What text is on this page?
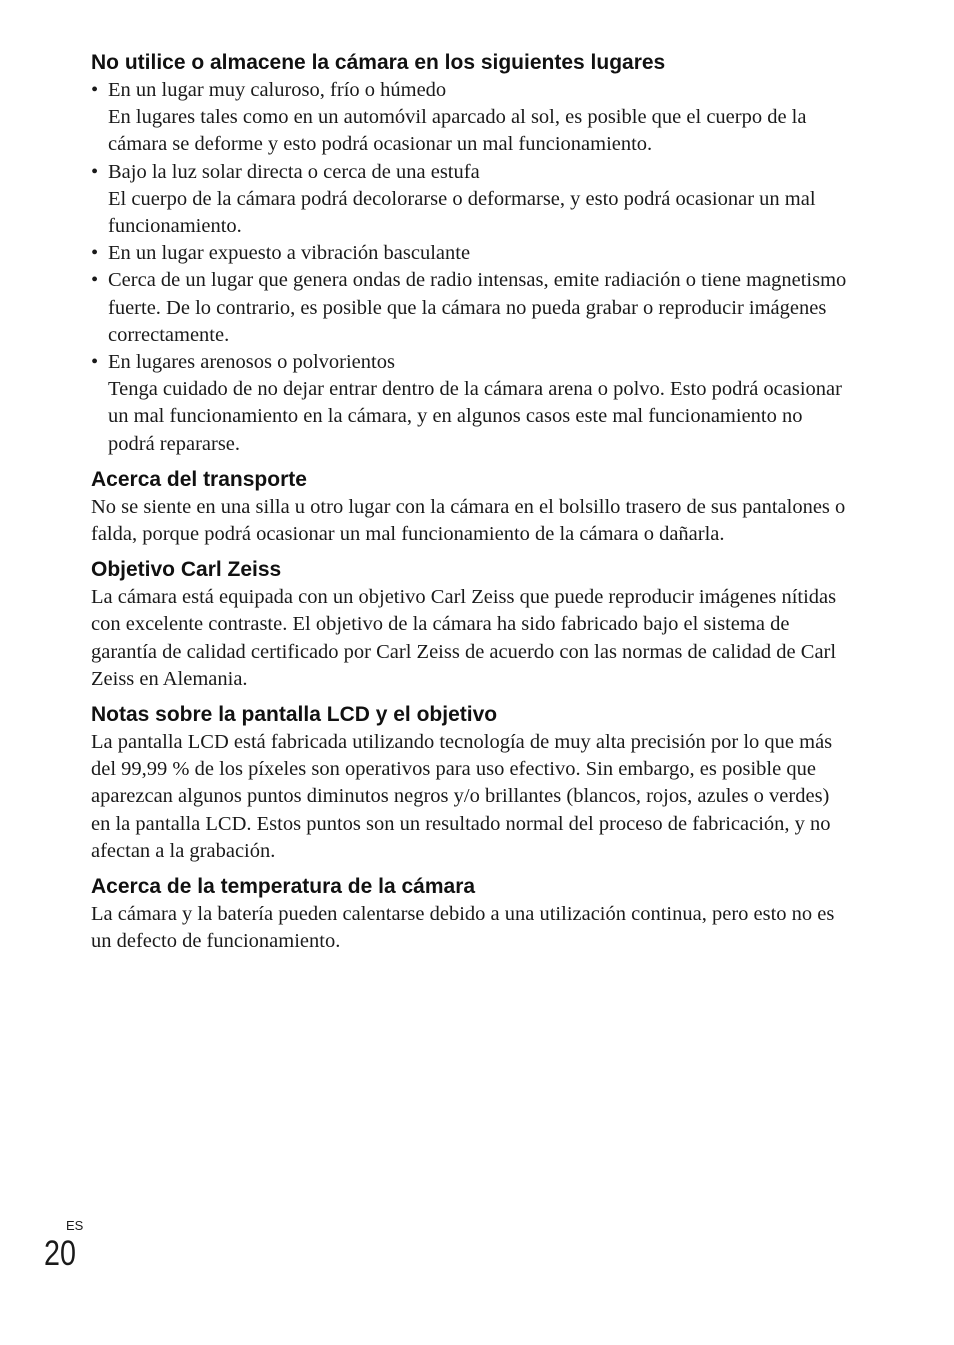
No utilice o almacene la cámara en los siguientes lugares
• En un lugar muy caluroso, frío o húmedo
En lugares tales como en un automóvil aparcado al sol, es posible que el cuerpo de la cámara se deforme y esto podrá ocasionar un mal funcionamiento.
• Bajo la luz solar directa o cerca de una estufa
El cuerpo de la cámara podrá decolorarse o deformarse, y esto podrá ocasionar un mal funcionamiento.
• En un lugar expuesto a vibración basculante
• Cerca de un lugar que genera ondas de radio intensas, emite radiación o tiene magnetismo fuerte. De lo contrario, es posible que la cámara no pueda grabar o reproducir imágenes correctamente.
• En lugares arenosos o polvorientos
Tenga cuidado de no dejar entrar dentro de la cámara arena o polvo. Esto podrá ocasionar un mal funcionamiento en la cámara, y en algunos casos este mal funcionamiento no podrá repararse.
Acerca del transporte

No se siente en una silla u otro lugar con la cámara en el bolsillo trasero de sus pantalones o falda, porque podrá ocasionar un mal funcionamiento de la cámara o dañarla.

Objetivo Carl Zeiss

La cámara está equipada con un objetivo Carl Zeiss que puede reproducir imágenes nítidas con excelente contraste. El objetivo de la cámara ha sido fabricado bajo el sistema de garantía de calidad certificado por Carl Zeiss de acuerdo con las normas de calidad de Carl Zeiss en Alemania.

Notas sobre la pantalla LCD y el objetivo

La pantalla LCD está fabricada utilizando tecnología de muy alta precisión por lo que más del 99,99 % de los píxeles son operativos para uso efectivo. Sin embargo, es posible que aparezcan algunos puntos diminutos negros y/o brillantes (blancos, rojos, azules o verdes) en la pantalla LCD. Estos puntos son un resultado normal del proceso de fabricación, y no afectan a la grabación.

Acerca de la temperatura de la cámara

La cámara y la batería pueden calentarse debido a una utilización continua, pero esto no es un defecto de funcionamiento.

ES
20
